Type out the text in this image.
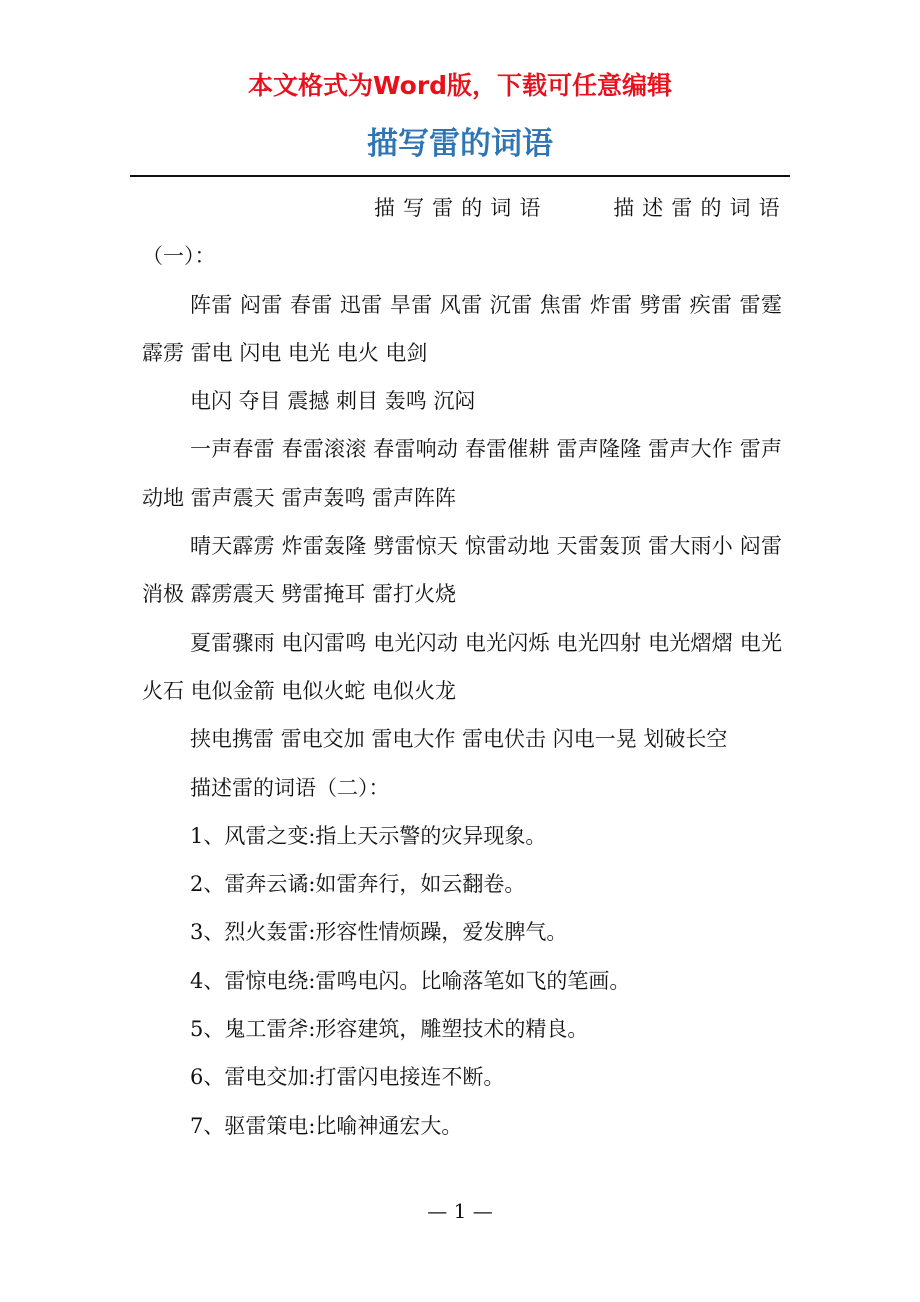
本文格式为Word版，下载可任意编辑
描写雷的词语

描写雷的词语	描述雷的词语（一）：

阵雷 闷雷 春雷 迅雷 旱雷 风雷 沉雷 焦雷 炸雷 劈雷 疾雷 雷霆 霹雳 雷电 闪电 电光 电火 电剑

电闪 夺目 震撼 刺目 轰鸣 沉闷

一声春雷 春雷滚滚 春雷响动 春雷催耕 雷声隆隆 雷声大作 雷声动地 雷声震天 雷声轰鸣 雷声阵阵

晴天霹雳 炸雷轰隆 劈雷惊天 惊雷动地 天雷轰顶 雷大雨小 闷雷消极 霹雳震天 劈雷掩耳 雷打火烧

夏雷骤雨 电闪雷鸣 电光闪动 电光闪烁 电光四射 电光熠熠 电光火石 电似金箭 电似火蛇 电似火龙

挟电携雷 雷电交加 雷电大作 雷电伏击 闪电一晃 划破长空

描述雷的词语（二）：

1、风雷之变:指上天示警的灾异现象。

2、雷奔云谲:如雷奔行，如云翻卷。

3、烈火轰雷:形容性情烦躁，爱发脾气。

4、雷惊电绕:雷鸣电闪。比喻落笔如飞的笔画。

5、鬼工雷斧:形容建筑，雕塑技术的精良。

6、雷电交加:打雷闪电接连不断。

7、驱雷策电:比喻神通宏大。

— 1 —
